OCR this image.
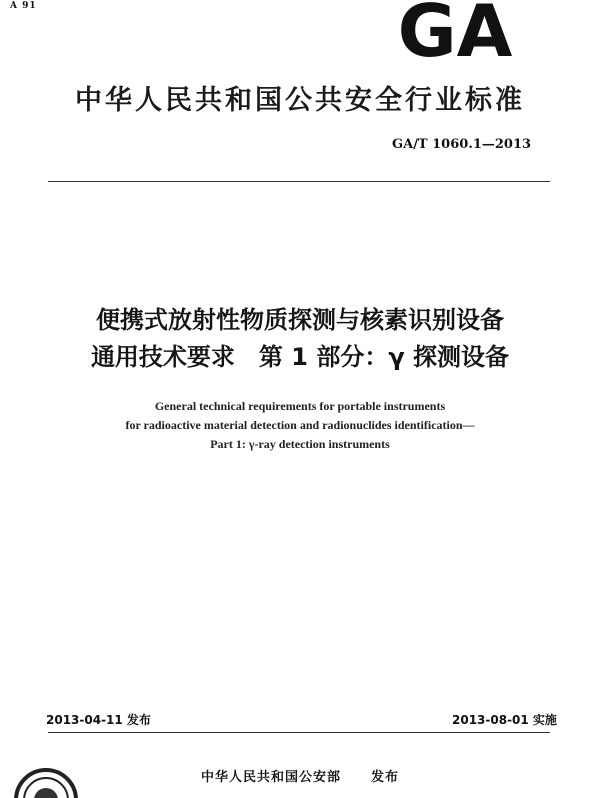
A 91	GA
中华人民共和国公共安全行业标准
GA/T 1060.1—2013
便携式放射性物质探测与核素识别设备
通用技术要求　第 1 部分：γ 探测设备
General technical requirements for portable instruments
for radioactive material detection and radionuclides identification—
Part 1: γ-ray detection instruments
2013-04-11 发布	2013-08-01 实施
中华人民共和国公安部 发布
